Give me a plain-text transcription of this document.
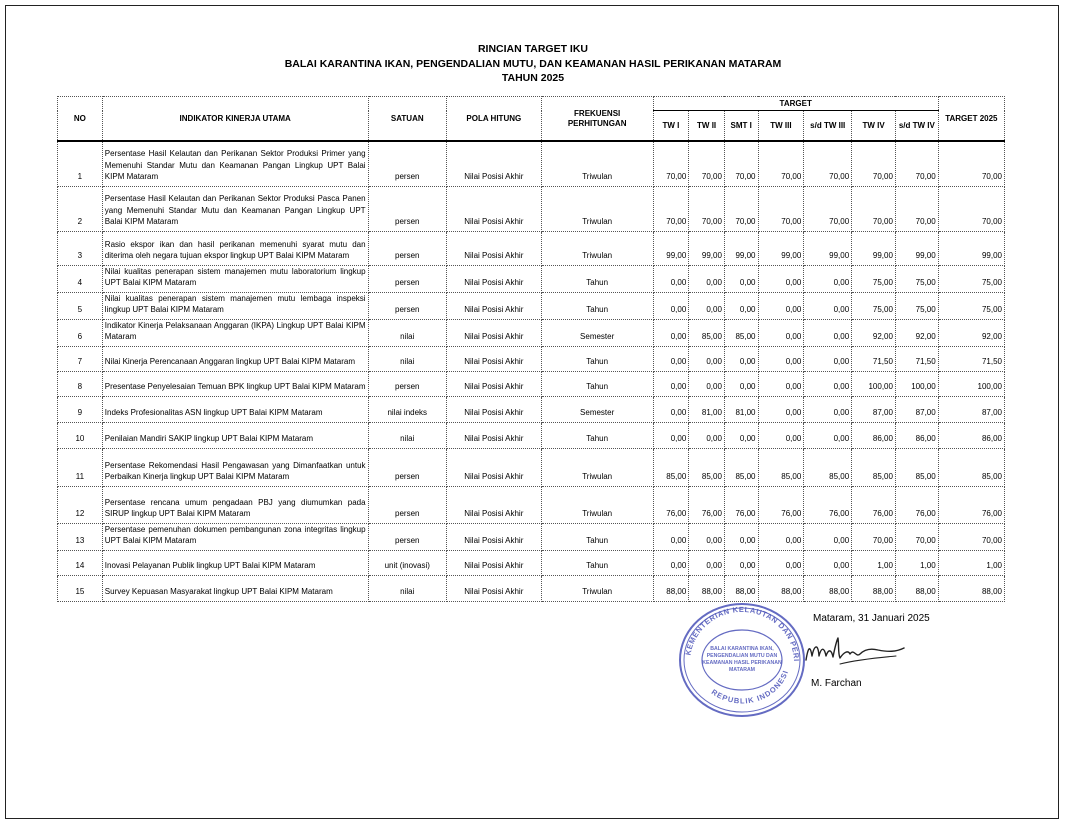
RINCIAN TARGET IKU
BALAI KARANTINA IKAN, PENGENDALIAN MUTU, DAN KEAMANAN HASIL PERIKANAN MATARAM
TAHUN 2025
NO	INDIKATOR KINERJA UTAMA	SATUAN	POLA HITUNG	FREKUENSI PERHITUNGAN	TARGET							TARGET 2025
					TW I	TW II	SMT I	TW III	s/d TW III	TW IV	s/d TW IV	
1	Persentase Hasil Kelautan dan Perikanan Sektor Produksi Primer yang Memenuhi Standar Mutu dan Keamanan Pangan Lingkup UPT Balai KIPM Mataram	persen	Nilai Posisi Akhir	Triwulan	70,00	70,00	70,00	70,00	70,00	70,00	70,00	70,00
2	Persentase Hasil Kelautan dan Perikanan Sektor Produksi Pasca Panen yang Memenuhi Standar Mutu dan Keamanan Pangan Lingkup UPT Balai KIPM Mataram	persen	Nilai Posisi Akhir	Triwulan	70,00	70,00	70,00	70,00	70,00	70,00	70,00	70,00
3	Rasio ekspor ikan dan hasil perikanan memenuhi syarat mutu dan diterima oleh negara tujuan ekspor lingkup UPT Balai KIPM Mataram	persen	Nilai Posisi Akhir	Triwulan	99,00	99,00	99,00	99,00	99,00	99,00	99,00	99,00
4	Nilai kualitas penerapan sistem manajemen mutu laboratorium lingkup UPT Balai KIPM Mataram	persen	Nilai Posisi Akhir	Tahun	0,00	0,00	0,00	0,00	0,00	75,00	75,00	75,00
5	Nilai kualitas penerapan sistem manajemen mutu lembaga inspeksi lingkup UPT Balai KIPM Mataram	persen	Nilai Posisi Akhir	Tahun	0,00	0,00	0,00	0,00	0,00	75,00	75,00	75,00
6	Indikator Kinerja Pelaksanaan Anggaran (IKPA) Lingkup UPT Balai KIPM Mataram	nilai	Nilai Posisi Akhir	Semester	0,00	85,00	85,00	0,00	0,00	92,00	92,00	92,00
7	Nilai Kinerja Perencanaan Anggaran lingkup UPT Balai KIPM Mataram	nilai	Nilai Posisi Akhir	Tahun	0,00	0,00	0,00	0,00	0,00	71,50	71,50	71,50
8	Presentase Penyelesaian Temuan BPK lingkup UPT Balai KIPM Mataram	persen	Nilai Posisi Akhir	Tahun	0,00	0,00	0,00	0,00	0,00	100,00	100,00	100,00
9	Indeks Profesionalitas ASN lingkup UPT Balai KIPM Mataram	nilai indeks	Nilai Posisi Akhir	Semester	0,00	81,00	81,00	0,00	0,00	87,00	87,00	87,00
10	Penilaian Mandiri SAKIP lingkup UPT Balai KIPM Mataram	nilai	Nilai Posisi Akhir	Tahun	0,00	0,00	0,00	0,00	0,00	86,00	86,00	86,00
11	Persentase Rekomendasi Hasil Pengawasan yang Dimanfaatkan untuk Perbaikan Kinerja lingkup UPT Balai KIPM Mataram	persen	Nilai Posisi Akhir	Triwulan	85,00	85,00	85,00	85,00	85,00	85,00	85,00	85,00
12	Persentase rencana umum pengadaan PBJ yang diumumkan pada SIRUP lingkup UPT Balai KIPM Mataram	persen	Nilai Posisi Akhir	Triwulan	76,00	76,00	76,00	76,00	76,00	76,00	76,00	76,00
13	Persentase pemenuhan dokumen pembangunan zona integritas lingkup UPT Balai KIPM Mataram	persen	Nilai Posisi Akhir	Tahun	0,00	0,00	0,00	0,00	0,00	70,00	70,00	70,00
14	Inovasi Pelayanan Publik lingkup UPT Balai KIPM Mataram	unit (inovasi)	Nilai Posisi Akhir	Tahun	0,00	0,00	0,00	0,00	0,00	1,00	1,00	1,00
15	Survey Kepuasan Masyarakat lingkup UPT Balai KIPM Mataram	nilai	Nilai Posisi Akhir	Triwulan	88,00	88,00	88,00	88,00	88,00	88,00	88,00	88,00
KEMENTERIAN KELAUTAN DAN PERI
REPUBLIK INDONESI
BALAI KARANTINA IKAN,
PENGENDALIAN MUTU DAN
KEAMANAN HASIL PERIKANAN
MATARAM
Mataram, 31 Januari 2025
M. Farchan
